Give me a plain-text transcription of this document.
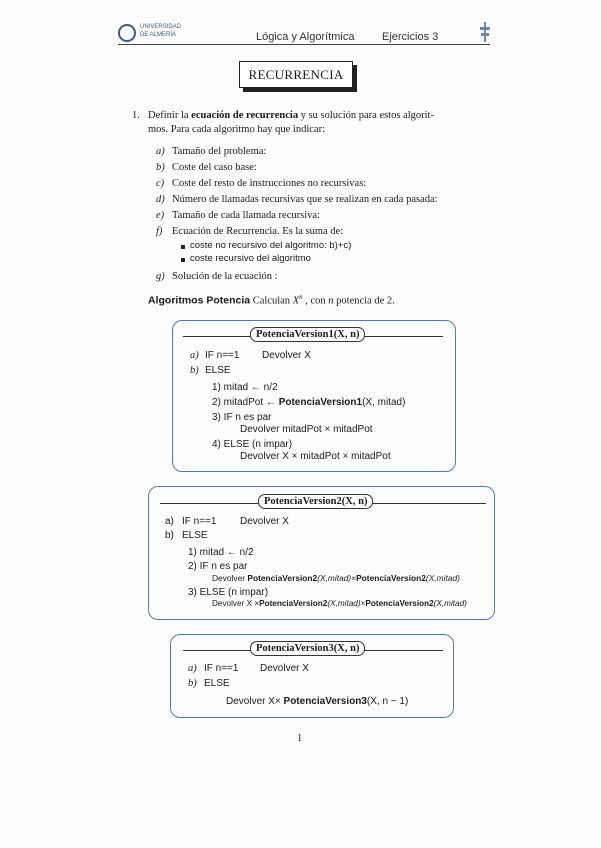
UNIVERSIDAD
DE ALMERÍA	Lógica y Algorítmica	Ejercicios 3
RECURRENCIA
1. Definir la ecuación de recurrencia y su solución para estos algorit-
mos. Para cada algoritmo hay que indicar:
a) Tamaño del problema:
b) Coste del caso base:
c) Coste del resto de instrucciones no recursivas:
d) Número de llamadas recursivas que se realizan en cada pasada:
e) Tamaño de cada llamada recursiva:
f) Ecuación de Recurrencia. Es la suma de:
coste no recursivo del algoritmo: b)+c)
coste recursivo del algoritmo
g) Solución de la ecuación :
Algoritmos Potencia Calculan $X^n$ , con n potencia de 2.
PotenciaVersion1(X, n)
a) IF n==1 Devolver X
b) ELSE
1) mitad ← n/2
2) mitadPot ← PotenciaVersion1(X, mitad)
3) IF n es par
Devolver mitadPot × mitadPot
4) ELSE (n impar)
Devolver X × mitadPot × mitadPot
PotenciaVersion2(X, n)
a) IF n==1 Devolver X
b) ELSE
1) mitad ← n/2
2) IF n es par
Devolver PotenciaVersion2(X,mitad)×PotenciaVersion2(X,mitad)
3) ELSE (n impar)
Devolver X ×PotenciaVersion2(X,mitad)×PotenciaVersion2(X,mitad)
PotenciaVersion3(X, n)
a) IF n==1 Devolver X
b) ELSE
Devolver X× PotenciaVersion3(X, n − 1)
1
